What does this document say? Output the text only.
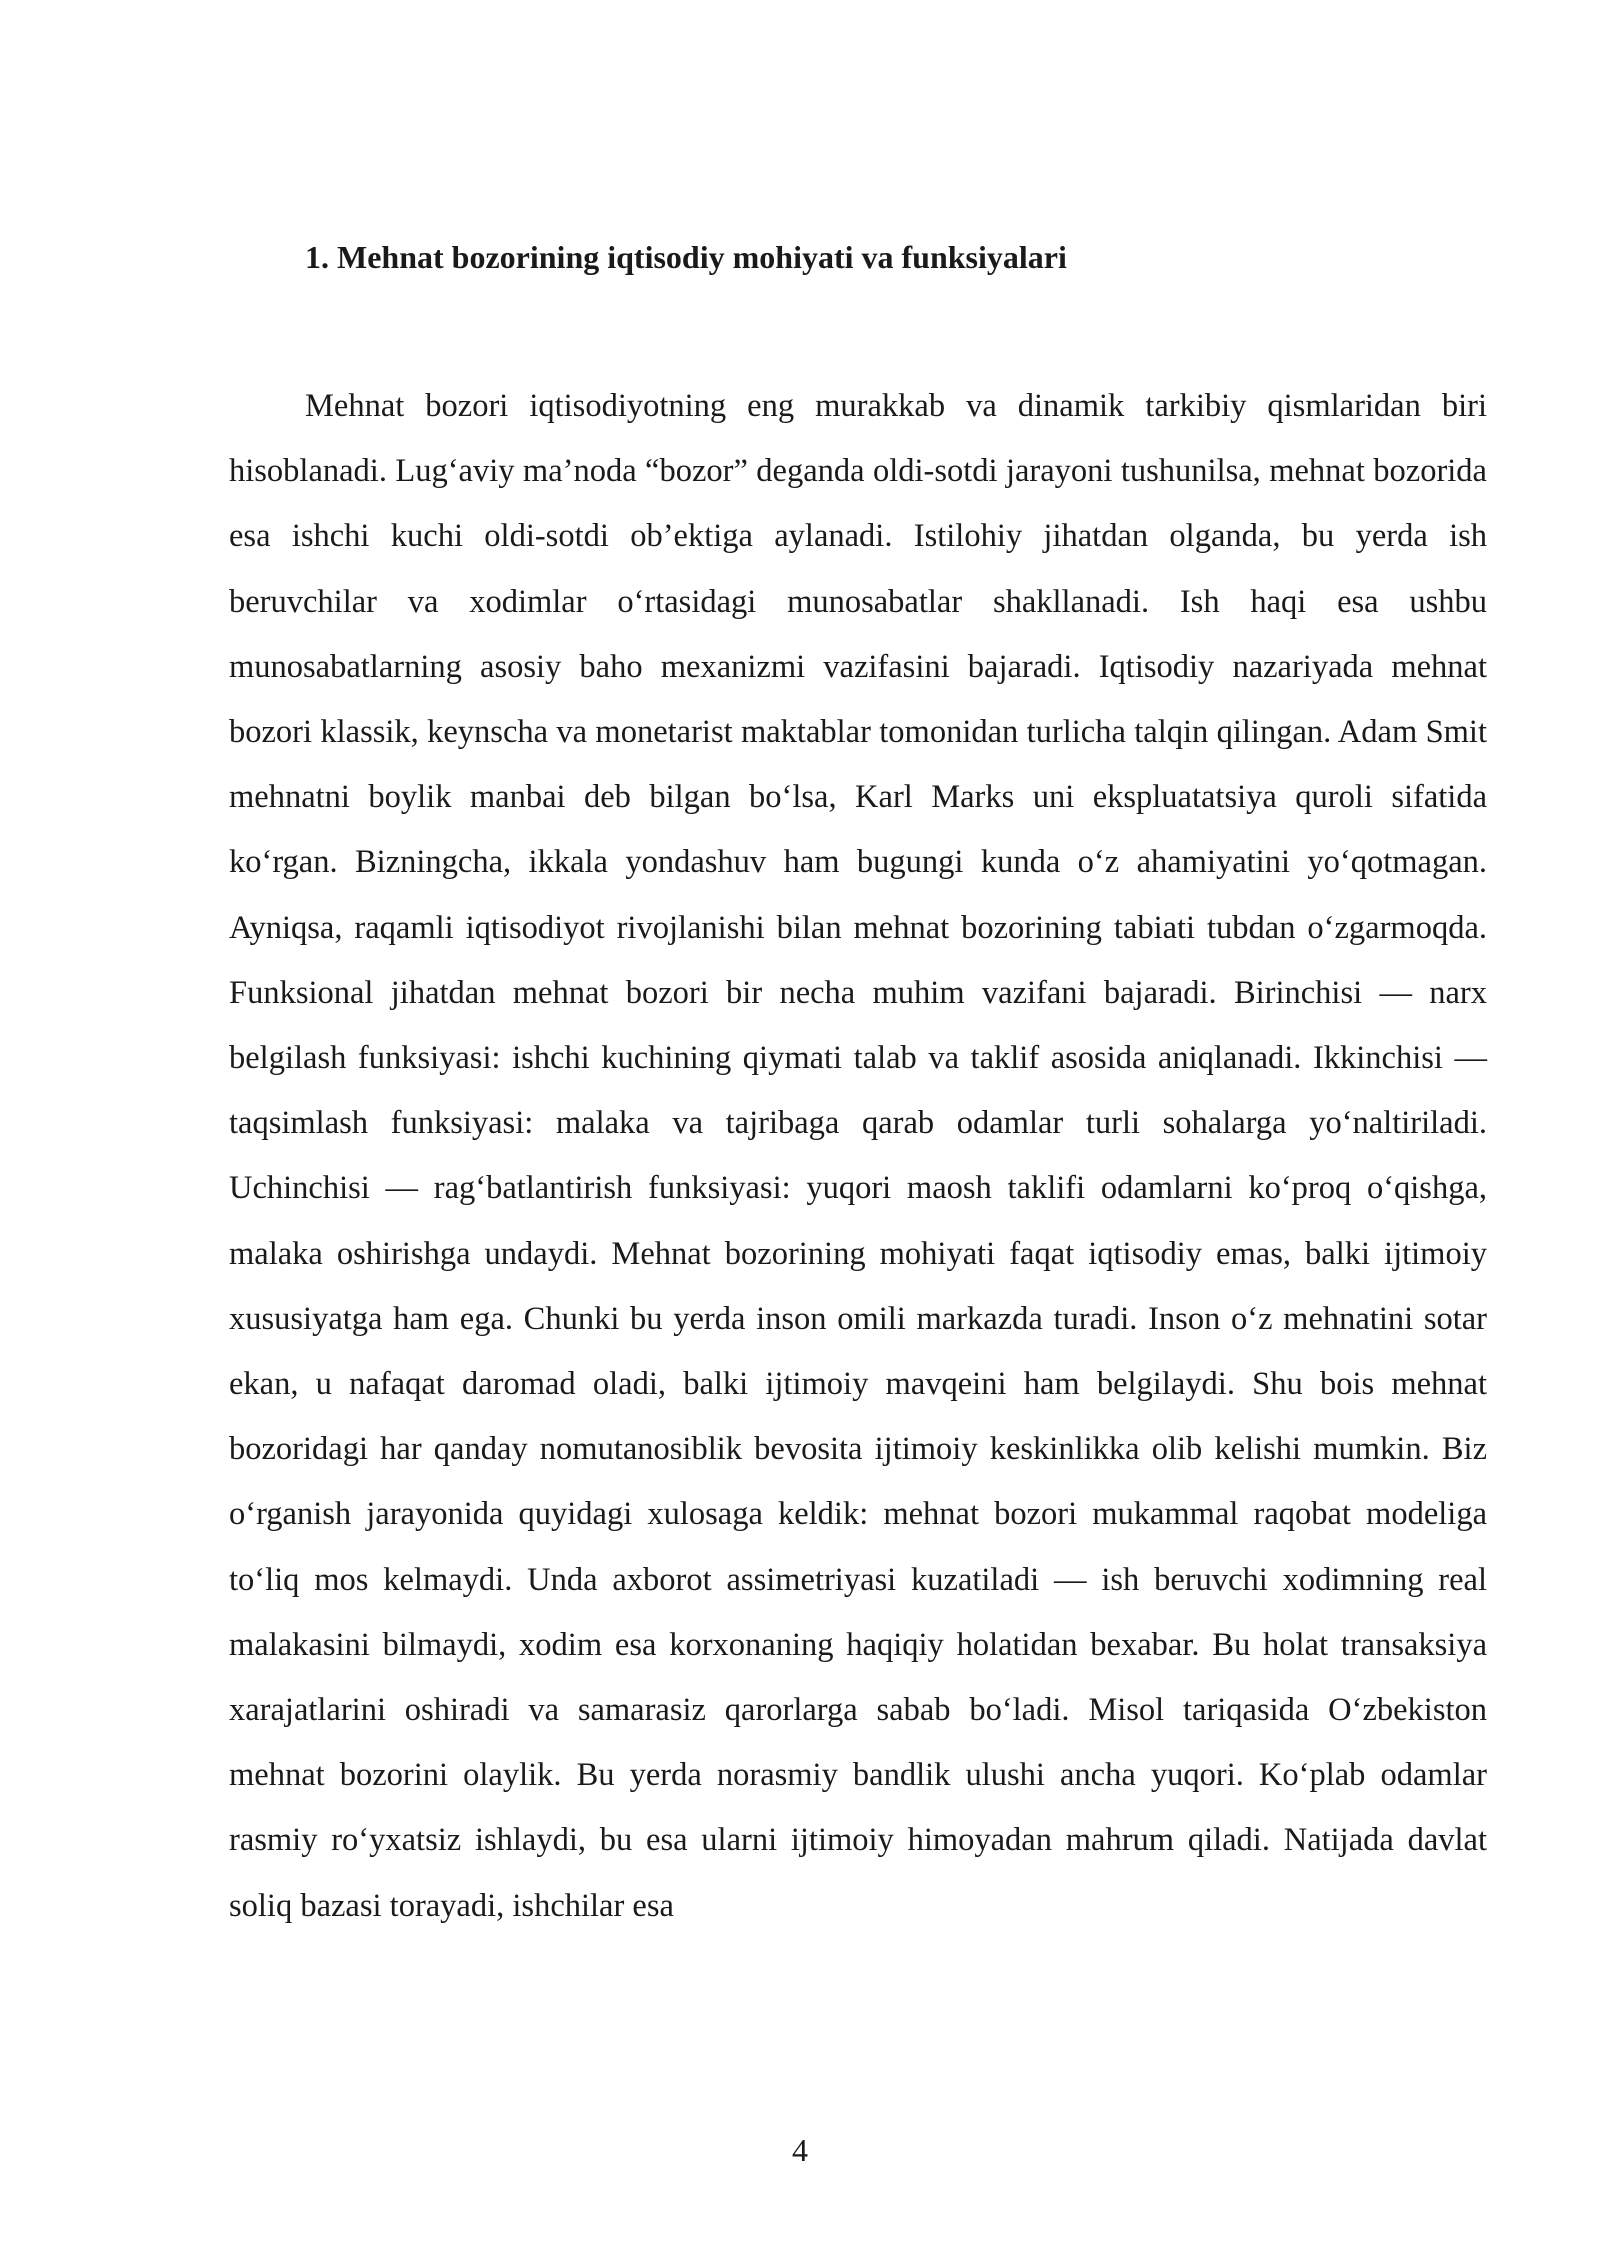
1. Mehnat bozorining iqtisodiy mohiyati va funksiyalari

Mehnat bozori iqtisodiyotning eng murakkab va dinamik tarkibiy qismlaridan biri hisoblanadi. Lug‘aviy ma’noda “bozor” deganda oldi-sotdi jarayoni tushunilsa, mehnat bozorida esa ishchi kuchi oldi-sotdi ob’ektiga aylanadi. Istilohiy jihatdan olganda, bu yerda ish beruvchilar va xodimlar o‘rtasidagi munosabatlar shakllanadi. Ish haqi esa ushbu munosabatlarning asosiy baho mexanizmi vazifasini bajaradi. Iqtisodiy nazariyada mehnat bozori klassik, keynscha va monetarist maktablar tomonidan turlicha talqin qilingan. Adam Smit mehnatni boylik manbai deb bilgan bo‘lsa, Karl Marks uni ekspluatatsiya quroli sifatida ko‘rgan. Bizningcha, ikkala yondashuv ham bugungi kunda o‘z ahamiyatini yo‘qotmagan. Ayniqsa, raqamli iqtisodiyot rivojlanishi bilan mehnat bozorining tabiati tubdan o‘zgarmoqda. Funksional jihatdan mehnat bozori bir necha muhim vazifani bajaradi. Birinchisi — narx belgilash funksiyasi: ishchi kuchining qiymati talab va taklif asosida aniqlanadi. Ikkinchisi — taqsimlash funksiyasi: malaka va tajribaga qarab odamlar turli sohalarga yo‘naltiriladi. Uchinchisi — rag‘batlantirish funksiyasi: yuqori maosh taklifi odamlarni ko‘proq o‘qishga, malaka oshirishga undaydi. Mehnat bozorining mohiyati faqat iqtisodiy emas, balki ijtimoiy xususiyatga ham ega. Chunki bu yerda inson omili markazda turadi. Inson o‘z mehnatini sotar ekan, u nafaqat daromad oladi, balki ijtimoiy mavqeini ham belgilaydi. Shu bois mehnat bozoridagi har qanday nomutanosiblik bevosita ijtimoiy keskinlikka olib kelishi mumkin. Biz o‘rganish jarayonida quyidagi xulosaga keldik: mehnat bozori mukammal raqobat modeliga to‘liq mos kelmaydi. Unda axborot assimetriyasi kuzatiladi — ish beruvchi xodimning real malakasini bilmaydi, xodim esa korxonaning haqiqiy holatidan bexabar. Bu holat transaksiya xarajatlarini oshiradi va samarasiz qarorlarga sabab bo‘ladi. Misol tariqasida O‘zbekiston mehnat bozorini olaylik. Bu yerda norasmiy bandlik ulushi ancha yuqori. Ko‘plab odamlar rasmiy ro‘yxatsiz ishlaydi, bu esa ularni ijtimoiy himoyadan mahrum qiladi. Natijada davlat soliq bazasi torayadi, ishchilar esa

4
